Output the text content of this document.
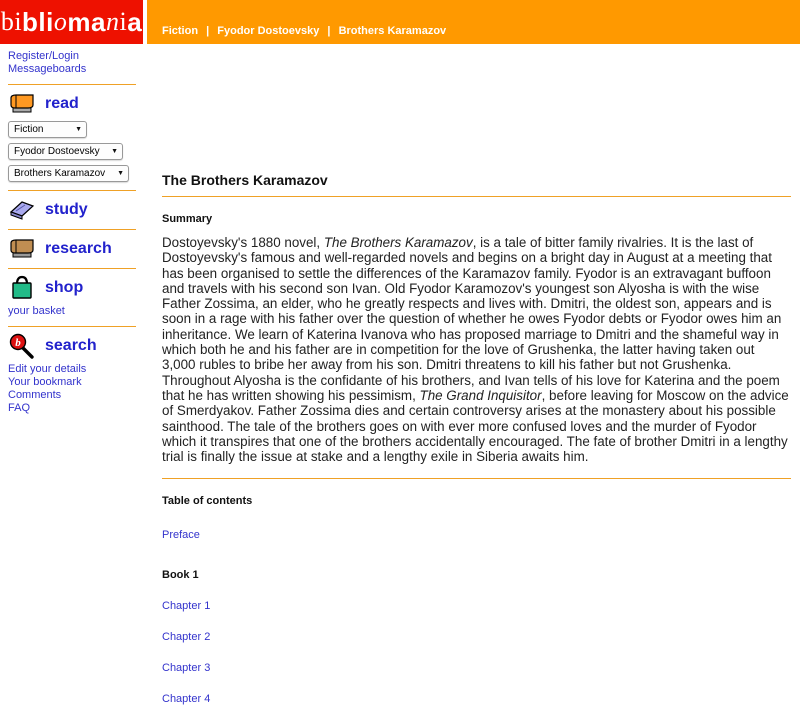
bi bli o ma n i a Fiction | Fyodor Dostoevsky | Brothers Karamazov
Register/Login
Messageboards
read
Fiction	▼
Fyodor Dostoevsky ▼
Brothers Karamazov ▼
study
research
shop
your basket
b search
Edit your details
Your bookmark
Comments
FAQ
The Brothers Karamazov
Summary

Dostoyevsky's 1880 novel, The Brothers Karamazov, is a tale of bitter family rivalries. It is the last of Dostoyevsky's famous and well-regarded novels and begins on a bright day in August at a meeting that has been organised to settle the differences of the Karamazov family. Fyodor is an extravagant buffoon and travels with his second son Ivan. Old Fyodor Karamozov's youngest son Alyosha is with the wise Father Zossima, an elder, who he greatly respects and lives with. Dmitri, the oldest son, appears and is soon in a rage with his father over the question of whether he owes Fyodor debts or Fyodor owes him an inheritance. We learn of Katerina Ivanova who has proposed marriage to Dmitri and the shameful way in which both he and his father are in competition for the love of Grushenka, the latter having taken out 3,000 rubles to bribe her away from his son. Dmitri threatens to kill his father but not Grushenka. Throughout Alyosha is the confidante of his brothers, and Ivan tells of his love for Katerina and the poem that he has written showing his pessimism, The Grand Inquisitor, before leaving for Moscow on the advice of Smerdyakov. Father Zossima dies and certain controversy arises at the monastery about his possible sainthood. The tale of the brothers goes on with ever more confused loves and the murder of Fyodor which it transpires that one of the brothers accidentally encouraged. The fate of brother Dmitri in a lengthy trial is finally the issue at stake and a lengthy exile in Siberia awaits him.

Table of contents
Preface
Book 1
Chapter 1
Chapter 2
Chapter 3
Chapter 4
